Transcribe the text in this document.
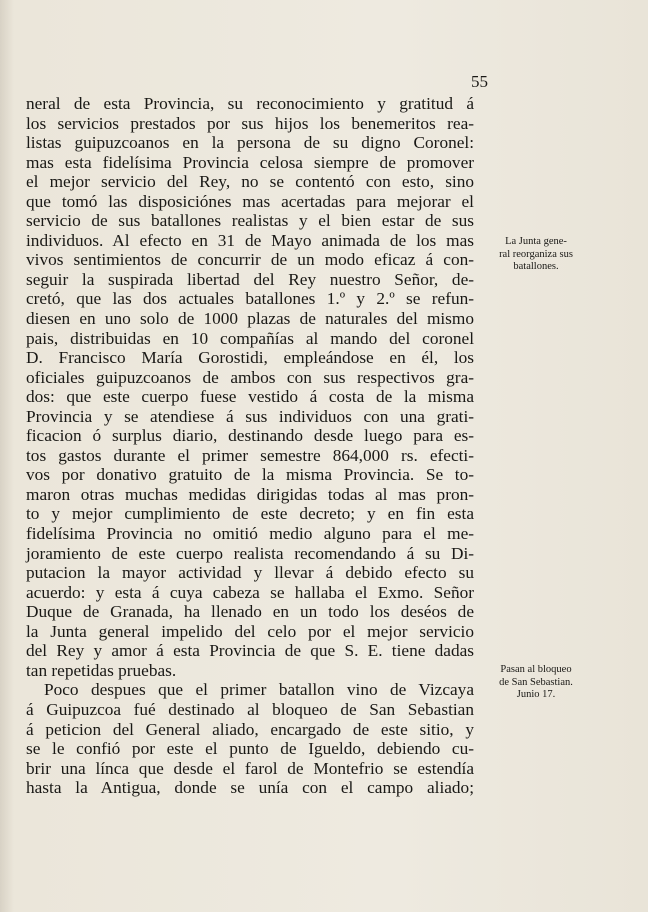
55
neral de esta Provincia, su reconocimiento y gratitud á
los servicios prestados por sus hijos los benemeritos rea-
listas guipuzcoanos en la persona de su digno Coronel:
mas esta fidelísima Provincia celosa siempre de promover
el mejor servicio del Rey, no se contentó con esto, sino
que tomó las disposiciónes mas acertadas para mejorar el
servicio de sus batallones realistas y el bien estar de sus
individuos. Al efecto en 31 de Mayo animada de los mas
vivos sentimientos de concurrir de un modo eficaz á con-
seguir la suspirada libertad del Rey nuestro Señor, de-
cretó, que las dos actuales batallones 1.º y 2.º se refun-
diesen en uno solo de 1000 plazas de naturales del mismo
pais, distribuidas en 10 compañías al mando del coronel
D. Francisco María Gorostidi, empleándose en él, los
oficiales guipuzcoanos de ambos con sus respectivos gra-
dos: que este cuerpo fuese vestido á costa de la misma
Provincia y se atendiese á sus individuos con una grati-
ficacion ó surplus diario, destinando desde luego para es-
tos gastos durante el primer semestre 864,000 rs. efecti-
vos por donativo gratuito de la misma Provincia. Se to-
maron otras muchas medidas dirigidas todas al mas pron-
to y mejor cumplimiento de este decreto; y en fin esta
fidelísima Provincia no omitió medio alguno para el me-
joramiento de este cuerpo realista recomendando á su Di-
putacion la mayor actividad y llevar á debido efecto su
acuerdo: y esta á cuya cabeza se hallaba el Exmo. Señor
Duque de Granada, ha llenado en un todo los deséos de
la Junta general impelido del celo por el mejor servicio
del Rey y amor á esta Provincia de que S. E. tiene dadas
tan repetidas pruebas.
Poco despues que el primer batallon vino de Vizcaya
á Guipuzcoa fué destinado al bloqueo de San Sebastian
á peticion del General aliado, encargado de este sitio, y
se le confió por este el punto de Igueldo, debiendo cu-
brir una línca que desde el farol de Montefrio se estendía
hasta la Antigua, donde se unía con el campo aliado;
La Junta gene-
ral reorganiza sus
batallones.
Pasan al bloqueo
de San Sebastian.
Junio 17.
